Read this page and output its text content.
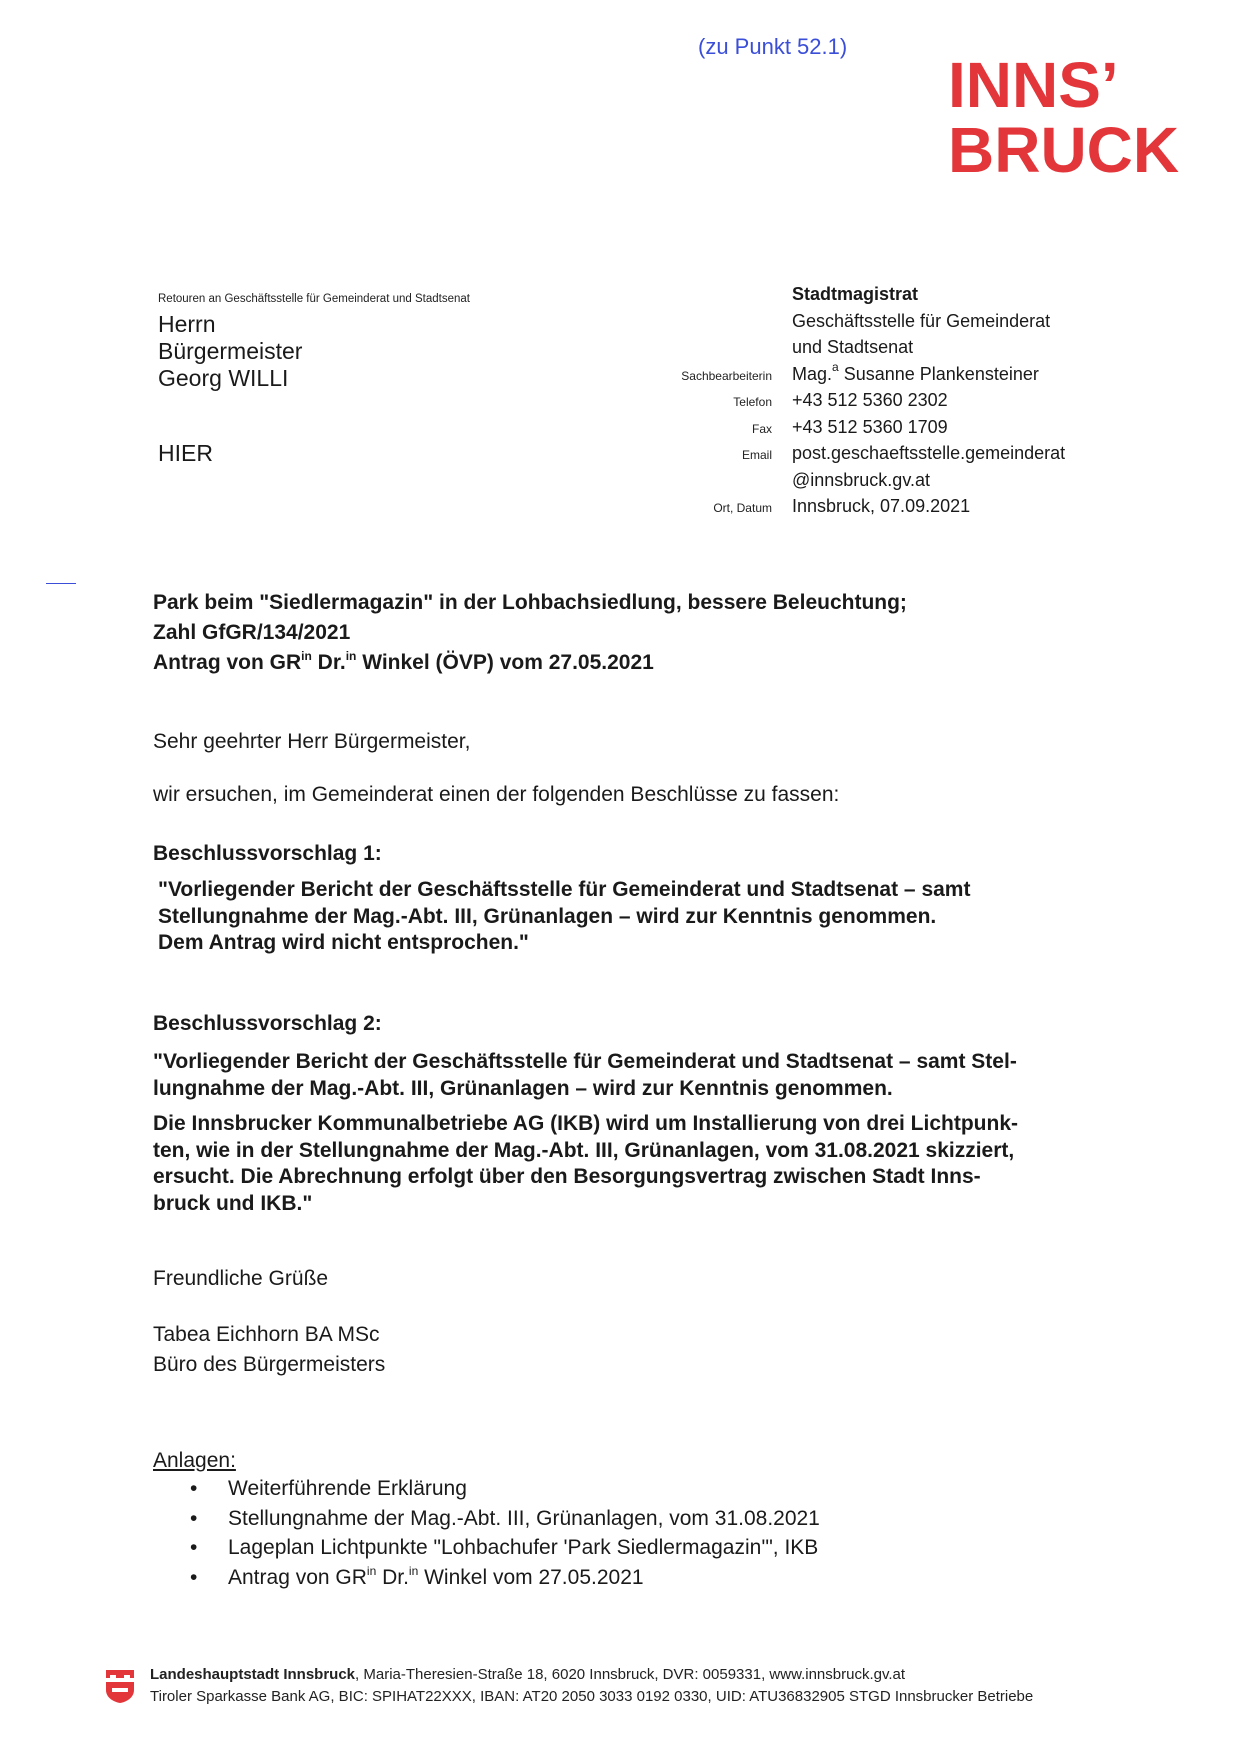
(zu Punkt 52.1)
INNS’
BRUCK
Retouren an Geschäftsstelle für Gemeinderat und Stadtsenat
Herrn
Bürgermeister
Georg WILLI
HIER
Sachbearbeiterin
Telefon
Fax
Email
Ort, Datum
Stadtmagistrat
Geschäftsstelle für Gemeinderat
und Stadtsenat
Mag.$^a$ Susanne Plankensteiner
+43 512 5360 2302
+43 512 5360 1709
post.geschaeftsstelle.gemeinderat
@innsbruck.gv.at
Innsbruck, 07.09.2021
Park beim "Siedlermagazin" in der Lohbachsiedlung, bessere Beleuchtung;
Zahl GfGR/134/2021
Antrag von $GR^{in}$ Dr.$^{in}$ Winkel (ÖVP) vom 27.05.2021
Sehr geehrter Herr Bürgermeister,
wir ersuchen, im Gemeinderat einen der folgenden Beschlüsse zu fassen:
Beschlussvorschlag 1:
"Vorliegender Bericht der Geschäftsstelle für Gemeinderat und Stadtsenat – samt
Stellungnahme der Mag.-Abt. III, Grünanlagen – wird zur Kenntnis genommen.
Dem Antrag wird nicht entsprochen."
Beschlussvorschlag 2:
"Vorliegender Bericht der Geschäftsstelle für Gemeinderat und Stadtsenat – samt Stel-
lungnahme der Mag.-Abt. III, Grünanlagen – wird zur Kenntnis genommen.
Die Innsbrucker Kommunalbetriebe AG (IKB) wird um Installierung von drei Lichtpunk-
ten, wie in der Stellungnahme der Mag.-Abt. III, Grünanlagen, vom 31.08.2021 skizziert,
ersucht. Die Abrechnung erfolgt über den Besorgungsvertrag zwischen Stadt Inns-
bruck und IKB."
Freundliche Grüße
Tabea Eichhorn BA MSc
Büro des Bürgermeisters
Anlagen:
• Weiterführende Erklärung
• Stellungnahme der Mag.-Abt. III, Grünanlagen, vom 31.08.2021
• Lageplan Lichtpunkte "Lohbachufer 'Park Siedlermagazin'", IKB
• Antrag von $GR^{in}$ Dr.$^{in}$ Winkel vom 27.05.2021
Landeshauptstadt Innsbruck, Maria-Theresien-Straße 18, 6020 Innsbruck, DVR: 0059331, www.innsbruck.gv.at
Tiroler Sparkasse Bank AG, BIC: SPIHAT22XXX, IBAN: AT20 2050 3033 0192 0330, UID: ATU36832905 STGD Innsbrucker Betriebe
